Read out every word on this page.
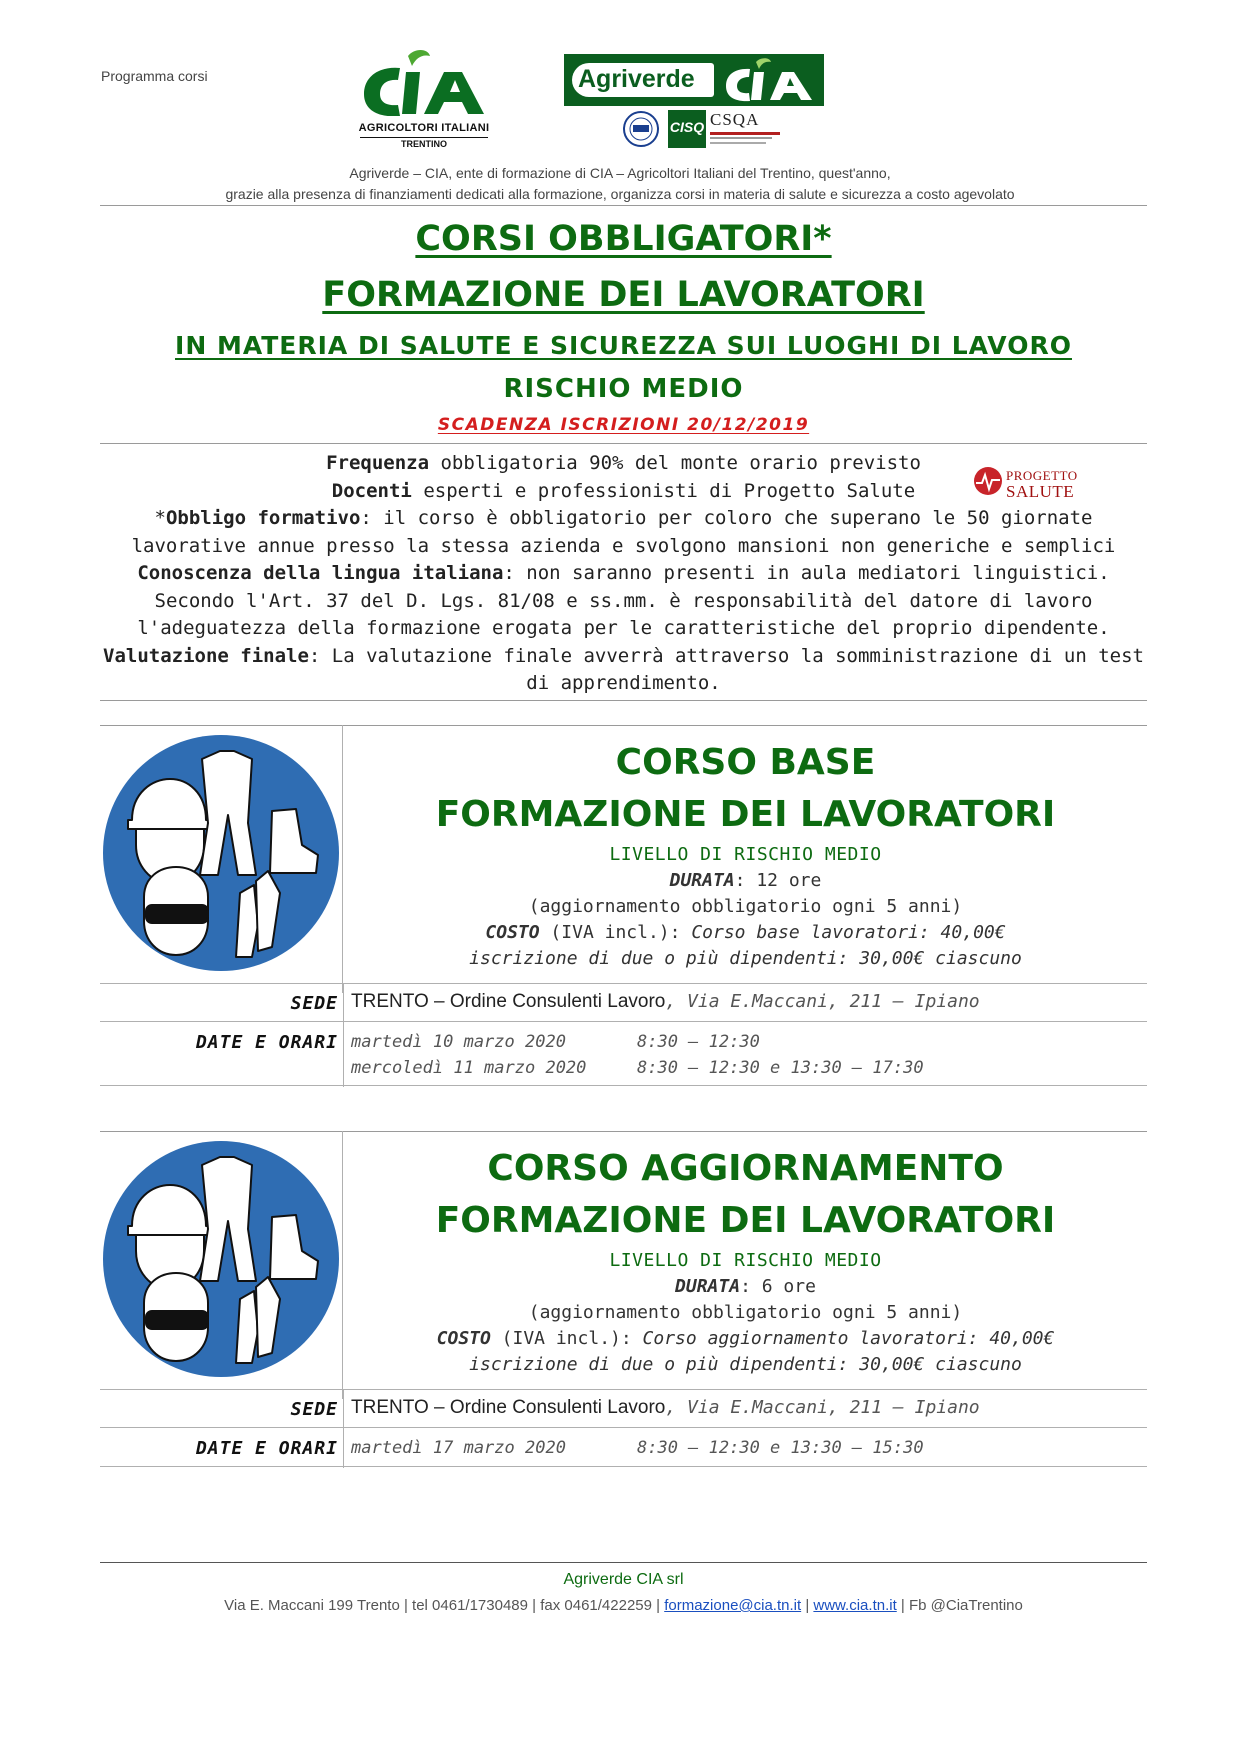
Programma corsi
AGRICOLTORI ITALIANI
TRENTINO
Agriverde
CISQ CSQA
Agriverde – CIA, ente di formazione di CIA – Agricoltori Italiani del Trentino, quest'anno,
grazie alla presenza di finanziamenti dedicati alla formazione, organizza corsi in materia di salute e sicurezza a costo agevolato
CORSI OBBLIGATORI*
FORMAZIONE DEI LAVORATORI
IN MATERIA DI SALUTE E SICUREZZA SUI LUOGHI DI LAVORO
RISCHIO MEDIO
SCADENZA ISCRIZIONI 20/12/2019
Frequenza obbligatoria 90% del monte orario previsto
Docenti esperti e professionisti di Progetto Salute
*Obbligo formativo: il corso è obbligatorio per coloro che superano le 50 giornate
lavorative annue presso la stessa azienda e svolgono mansioni non generiche e semplici
Conoscenza della lingua italiana: non saranno presenti in aula mediatori linguistici.
Secondo l'Art. 37 del D. Lgs. 81/08 e ss.mm. è responsabilità del datore di lavoro
l'adeguatezza della formazione erogata per le caratteristiche del proprio dipendente.
Valutazione finale: La valutazione finale avverrà attraverso la somministrazione di un test
di apprendimento.
PROGETTO
SALUTE
CORSO BASE
FORMAZIONE DEI LAVORATORI
LIVELLO DI RISCHIO MEDIO
DURATA: 12 ore
(aggiornamento obbligatorio ogni 5 anni)
COSTO (IVA incl.): Corso base lavoratori: 40,00€
iscrizione di due o più dipendenti: 30,00€ ciascuno
SEDE TRENTO – Ordine Consulenti Lavoro, Via E.Maccani, 211 – Ipiano
DATE E ORARI martedì 10 marzo 2020	8:30 – 12:30
mercoledì 11 marzo 2020	8:30 – 12:30 e 13:30 – 17:30
CORSO AGGIORNAMENTO
FORMAZIONE DEI LAVORATORI
LIVELLO DI RISCHIO MEDIO
DURATA: 6 ore
(aggiornamento obbligatorio ogni 5 anni)
COSTO (IVA incl.): Corso aggiornamento lavoratori: 40,00€
iscrizione di due o più dipendenti: 30,00€ ciascuno
SEDE TRENTO – Ordine Consulenti Lavoro, Via E.Maccani, 211 – Ipiano
DATE E ORARI martedì 17 marzo 2020	8:30 – 12:30 e 13:30 – 15:30
Agriverde CIA srl
Via E. Maccani 199 Trento | tel 0461/1730489 | fax 0461/422259 | formazione@cia.tn.it | www.cia.tn.it | Fb @CiaTrentino
